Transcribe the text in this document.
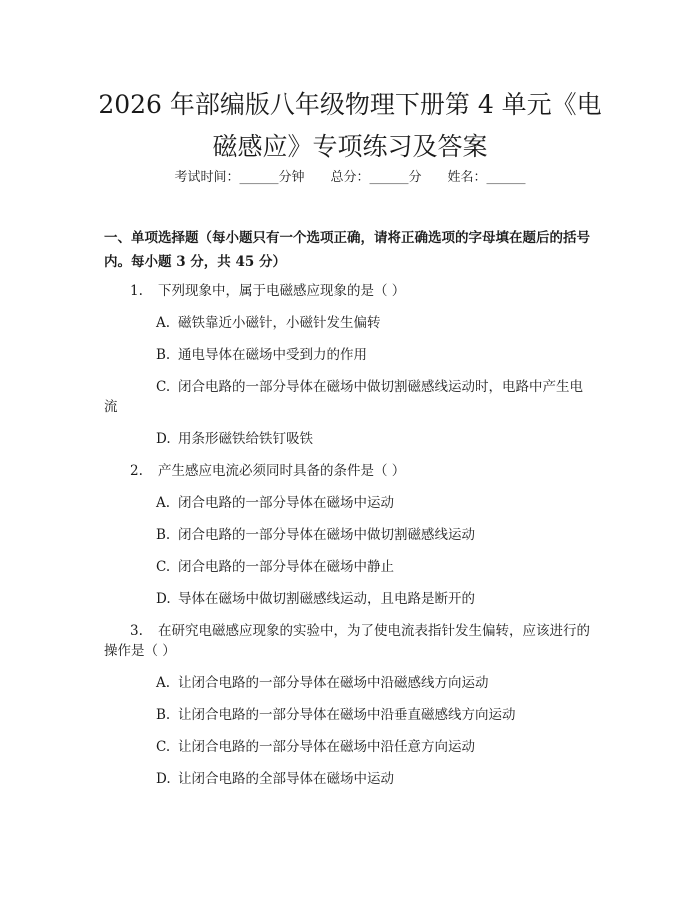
2026 年部编版八年级物理下册第 4 单元《电磁感应》专项练习及答案
考试时间：______分钟　　总分：______分　　姓名：______
一、单项选择题（每小题只有一个选项正确，请将正确选项的字母填在题后的括号内。每小题 3 分，共 45 分）
1. 下列现象中，属于电磁感应现象的是（ ）
A. 磁铁靠近小磁针，小磁针发生偏转
B. 通电导体在磁场中受到力的作用
C. 闭合电路的一部分导体在磁场中做切割磁感线运动时，电路中产生电
流
D. 用条形磁铁给铁钉吸铁
2. 产生感应电流必须同时具备的条件是（ ）
A. 闭合电路的一部分导体在磁场中运动
B. 闭合电路的一部分导体在磁场中做切割磁感线运动
C. 闭合电路的一部分导体在磁场中静止
D. 导体在磁场中做切割磁感线运动，且电路是断开的
3. 在研究电磁感应现象的实验中，为了使电流表指针发生偏转，应该进行的
操作是（ ）
A. 让闭合电路的一部分导体在磁场中沿磁感线方向运动
B. 让闭合电路的一部分导体在磁场中沿垂直磁感线方向运动
C. 让闭合电路的一部分导体在磁场中沿任意方向运动
D. 让闭合电路的全部导体在磁场中运动
